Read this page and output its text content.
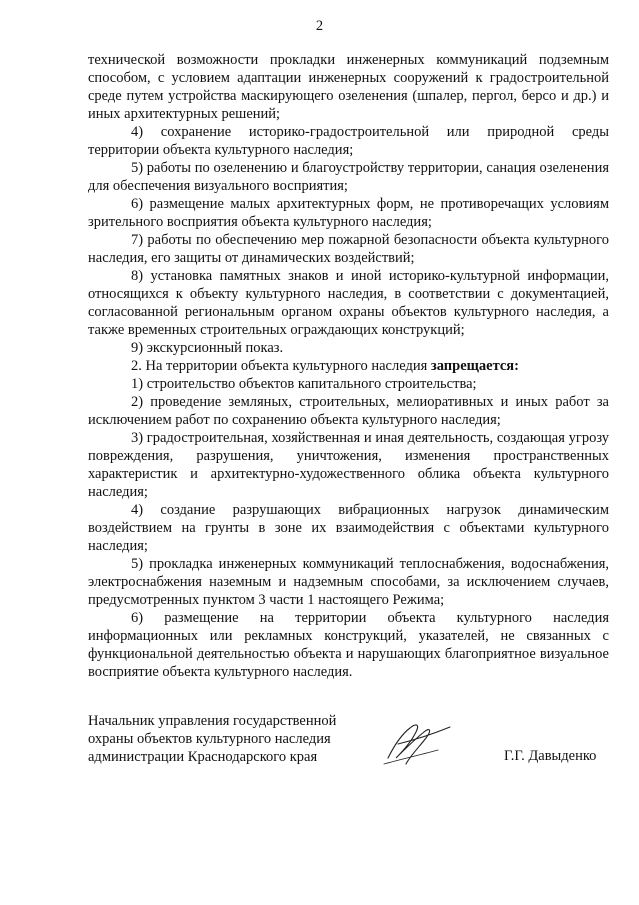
2

технической возможности прокладки инженерных коммуникаций подземным способом, с условием адаптации инженерных сооружений к градостроительной среде путем устройства маскирующего озеленения (шпалер, пергол, берсо и др.) и иных архитектурных решений;

4) сохранение историко-градостроительной или природной среды территории объекта культурного наследия;

5) работы по озеленению и благоустройству территории, санация озеленения для обеспечения визуального восприятия;

6) размещение малых архитектурных форм, не противоречащих условиям зрительного восприятия объекта культурного наследия;

7) работы по обеспечению мер пожарной безопасности объекта культурного наследия, его защиты от динамических воздействий;

8) установка памятных знаков и иной историко-культурной информации, относящихся к объекту культурного наследия, в соответствии с документацией, согласованной региональным органом охраны объектов культурного наследия, а также временных строительных ограждающих конструкций;

9) экскурсионный показ.

2. На территории объекта культурного наследия запрещается:

1) строительство объектов капитального строительства;

2) проведение земляных, строительных, мелиоративных и иных работ за исключением работ по сохранению объекта культурного наследия;

3) градостроительная, хозяйственная и иная деятельность, создающая угрозу повреждения, разрушения, уничтожения, изменения пространственных характеристик и архитектурно-художественного облика объекта культурного наследия;

4) создание разрушающих вибрационных нагрузок динамическим воздействием на грунты в зоне их взаимодействия с объектами культурного наследия;

5) прокладка инженерных коммуникаций теплоснабжения, водоснабжения, электроснабжения наземным и надземным способами, за исключением случаев, предусмотренных пунктом 3 части 1 настоящего Режима;

6) размещение на территории объекта культурного наследия информационных или рекламных конструкций, указателей, не связанных с функциональной деятельностью объекта и нарушающих благоприятное визуальное восприятие объекта культурного наследия.

Начальник управления государственной
охраны объектов культурного наследия
администрации Краснодарского края	Г.Г. Давыденко
